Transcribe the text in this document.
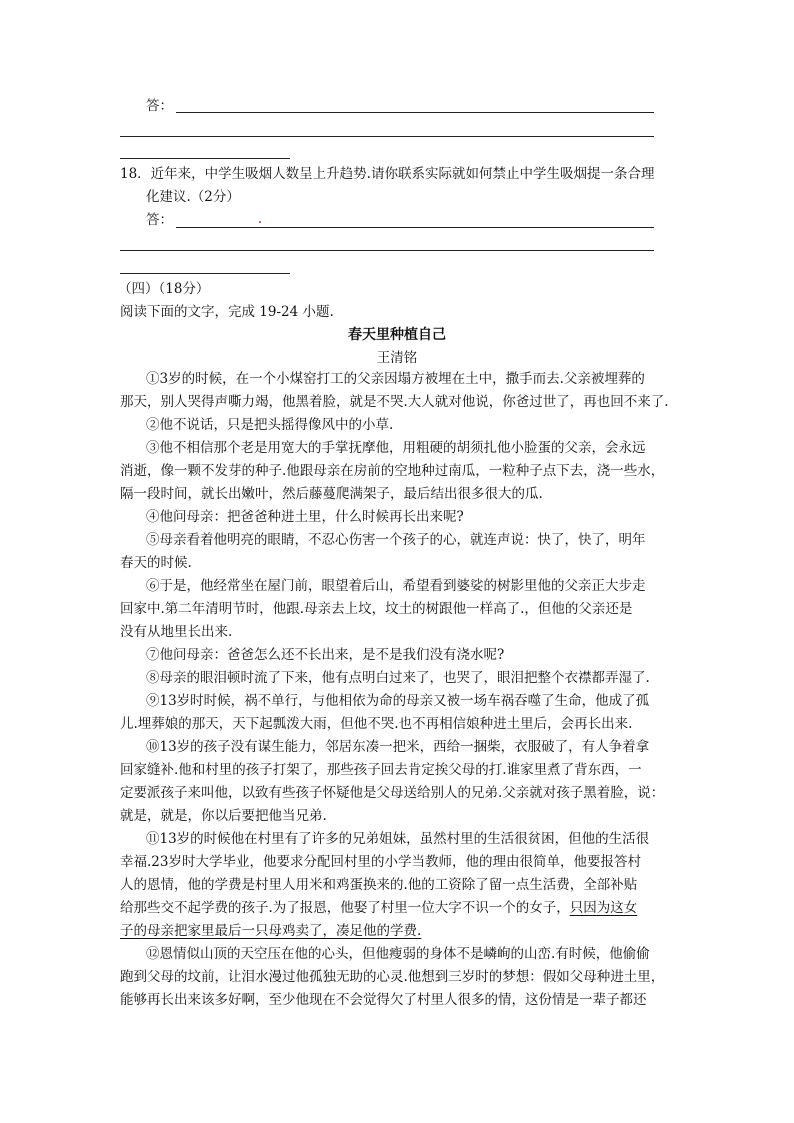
答：
18．近年来，中学生吸烟人数呈上升趋势.请你联系实际就如何禁止中学生吸烟提一条合理
化建议.（2分）
答：
（四）（18分）
阅读下面的文字，完成 19-24 小题.
春天里种植自己
王清铭
①3岁的时候，在一个小煤窑打工的父亲因塌方被埋在土中，撒手而去.父亲被埋葬的
那天，别人哭得声嘶力竭，他黑着脸，就是不哭.大人就对他说，你爸过世了，再也回不来了.
②他不说话，只是把头摇得像风中的小草.
③他不相信那个老是用宽大的手掌抚摩他，用粗硬的胡须扎他小脸蛋的父亲，会永远
消逝，像一颗不发芽的种子.他跟母亲在房前的空地种过南瓜，一粒种子点下去，浇一些水，
隔一段时间，就长出嫩叶，然后藤蔓爬满架子，最后结出很多很大的瓜.
④他问母亲：把爸爸种进土里，什么时候再长出来呢?
⑤母亲看着他明亮的眼睛，不忍心伤害一个孩子的心，就连声说：快了，快了，明年
春天的时候.
⑥于是，他经常坐在屋门前，眼望着后山，希望看到婆娑的树影里他的父亲正大步走
回家中.第二年清明节时，他跟.母亲去上坟，坟土的树跟他一样高了.，但他的父亲还是
没有从地里长出来.
⑦他问母亲：爸爸怎么还不长出来，是不是我们没有浇水呢?
⑧母亲的眼泪顿时流了下来，他有点明白过来了，也哭了，眼泪把整个衣襟都弄湿了.
⑨13岁时时候，祸不单行，与他相依为命的母亲又被一场车祸吞噬了生命，他成了孤
儿.埋葬娘的那天，天下起瓢泼大雨，但他不哭.也不再相信娘种进土里后，会再长出来.
⑩13岁的孩子没有谋生能力，邻居东凑一把米，西给一捆柴，衣服破了，有人争着拿
回家缝补.他和村里的孩子打架了，那些孩子回去肯定挨父母的打.谁家里煮了背东西，一
定要派孩子来叫他，以致有些孩子怀疑他是父母送给别人的兄弟.父亲就对孩子黑着脸，说：
就是，就是，你以后要把他当兄弟.
⑪13岁的时候他在村里有了许多的兄弟姐妹，虽然村里的生活很贫困，但他的生活很
幸福.23岁时大学毕业，他要求分配回村里的小学当教师，他的理由很简单，他要报答村
人的恩情，他的学费是村里人用米和鸡蛋换来的.他的工资除了留一点生活费，全部补贴
给那些交不起学费的孩子.为了报恩，他娶了村里一位大字不识一个的女子，只因为这女
子的母亲把家里最后一只母鸡卖了，凑足他的学费.
⑫恩情似山顶的天空压在他的心头，但他瘦弱的身体不是嶙峋的山峦.有时候，他偷偷
跑到父母的坟前，让泪水漫过他孤独无助的心灵.他想到三岁时的梦想：假如父母种进土里，
能够再长出来该多好啊，至少他现在不会觉得欠了村里人很多的情，这份情是一辈子都还
